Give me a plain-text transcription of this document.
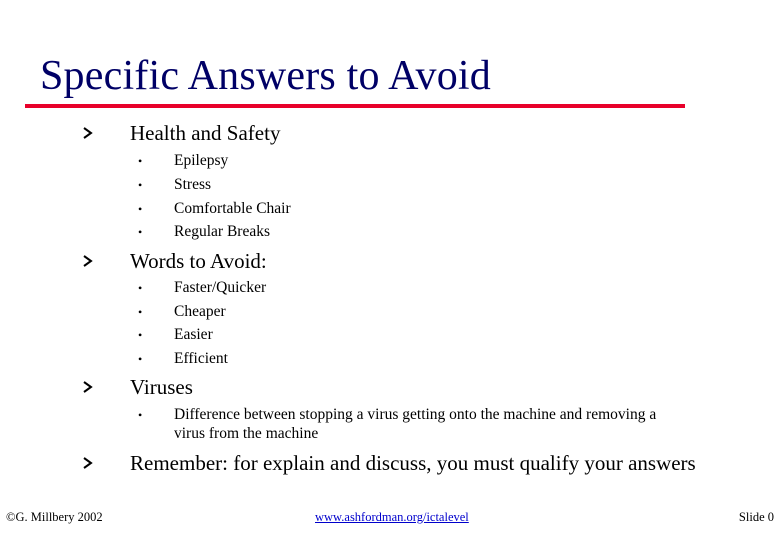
Specific Answers to Avoid
Health and Safety
• Epilepsy
• Stress
• Comfortable Chair
• Regular Breaks
Words to Avoid:
• Faster/Quicker
• Cheaper
• Easier
• Efficient
Viruses
• Difference between stopping a virus getting onto the machine and removing a virus from the machine
Remember: for explain and discuss, you must qualify your answers
©G. Millbery 2002	www.ashfordman.org/ictalevel	Slide 0
